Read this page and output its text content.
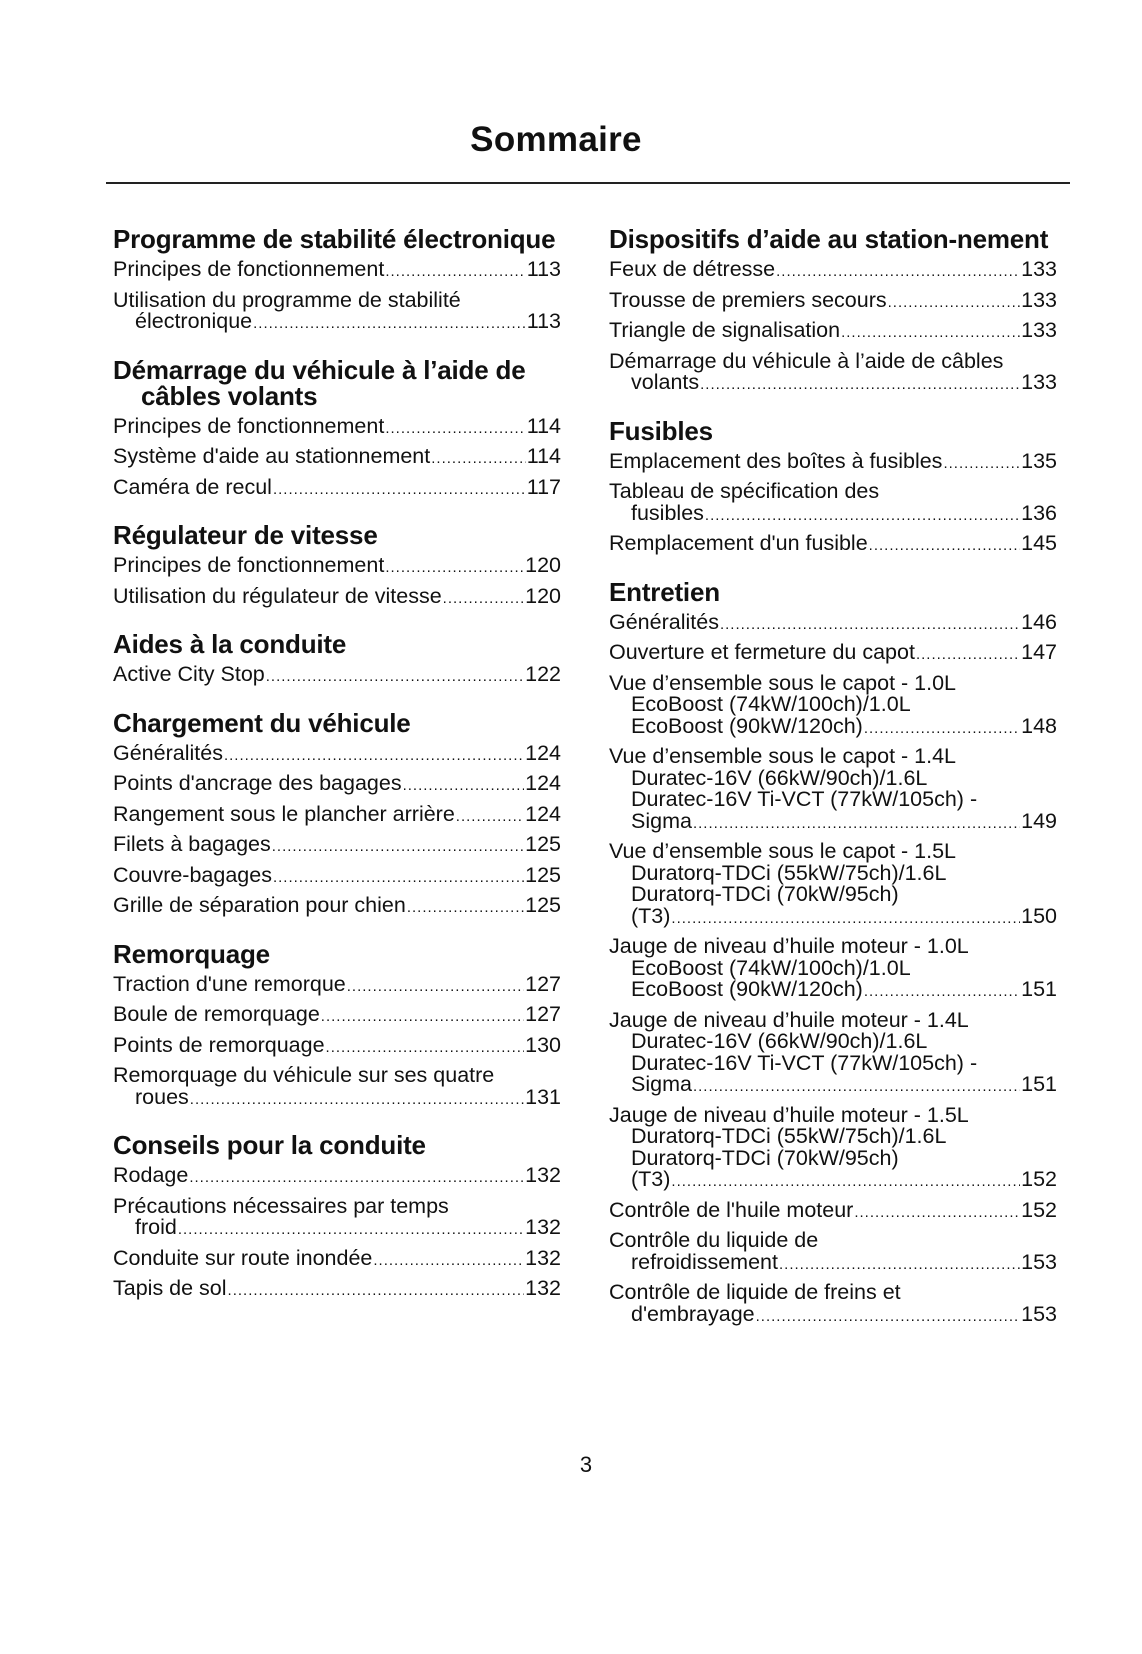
Sommaire
Programme de stabilité électronique
Principes de fonctionnement .....	113
Utilisation du programme de stabilité
électronique .....	113
Démarrage du véhicule à l’aide de câbles volants
Principes de fonctionnement .....	114
Système d'aide au stationnement .....	114
Caméra de recul .....	117
Régulateur de vitesse
Principes de fonctionnement .....	120
Utilisation du régulateur de vitesse .....	120
Aides à la conduite
Active City Stop .....	122
Chargement du véhicule
Généralités .....	124
Points d'ancrage des bagages .....	124
Rangement sous le plancher arrière .....	124
Filets à bagages .....	125
Couvre-bagages .....	125
Grille de séparation pour chien .....	125
Remorquage
Traction d'une remorque .....	127
Boule de remorquage .....	127
Points de remorquage .....	130
Remorquage du véhicule sur ses quatre
roues .....	131
Conseils pour la conduite
Rodage .....	132
Précautions nécessaires par temps
froid .....	132
Conduite sur route inondée .....	132
Tapis de sol .....	132
Dispositifs d’aide au station-nement
Feux de détresse .....	133
Trousse de premiers secours .....	133
Triangle de signalisation .....	133
Démarrage du véhicule à l’aide de câbles
volants .....	133
Fusibles
Emplacement des boîtes à fusibles .....	135
Tableau de spécification des
fusibles .....	136
Remplacement d'un fusible .....	145
Entretien
Généralités .....	146
Ouverture et fermeture du capot .....	147
Vue d’ensemble sous le capot - 1.0L
EcoBoost (74kW/100ch)/1.0L
EcoBoost (90kW/120ch) .....	148
Vue d’ensemble sous le capot - 1.4L
Duratec-16V (66kW/90ch)/1.6L
Duratec-16V Ti-VCT (77kW/105ch) -
Sigma .....	149
Vue d’ensemble sous le capot - 1.5L
Duratorq-TDCi (55kW/75ch)/1.6L
Duratorq-TDCi (70kW/95ch)
(T3) .....	150
Jauge de niveau d’huile moteur - 1.0L
EcoBoost (74kW/100ch)/1.0L
EcoBoost (90kW/120ch) .....	151
Jauge de niveau d’huile moteur - 1.4L
Duratec-16V (66kW/90ch)/1.6L
Duratec-16V Ti-VCT (77kW/105ch) -
Sigma .....	151
Jauge de niveau d’huile moteur - 1.5L
Duratorq-TDCi (55kW/75ch)/1.6L
Duratorq-TDCi (70kW/95ch)
(T3) .....	152
Contrôle de l'huile moteur .....	152
Contrôle du liquide de
refroidissement .....	153
Contrôle de liquide de freins et
d'embrayage .....	153
3
